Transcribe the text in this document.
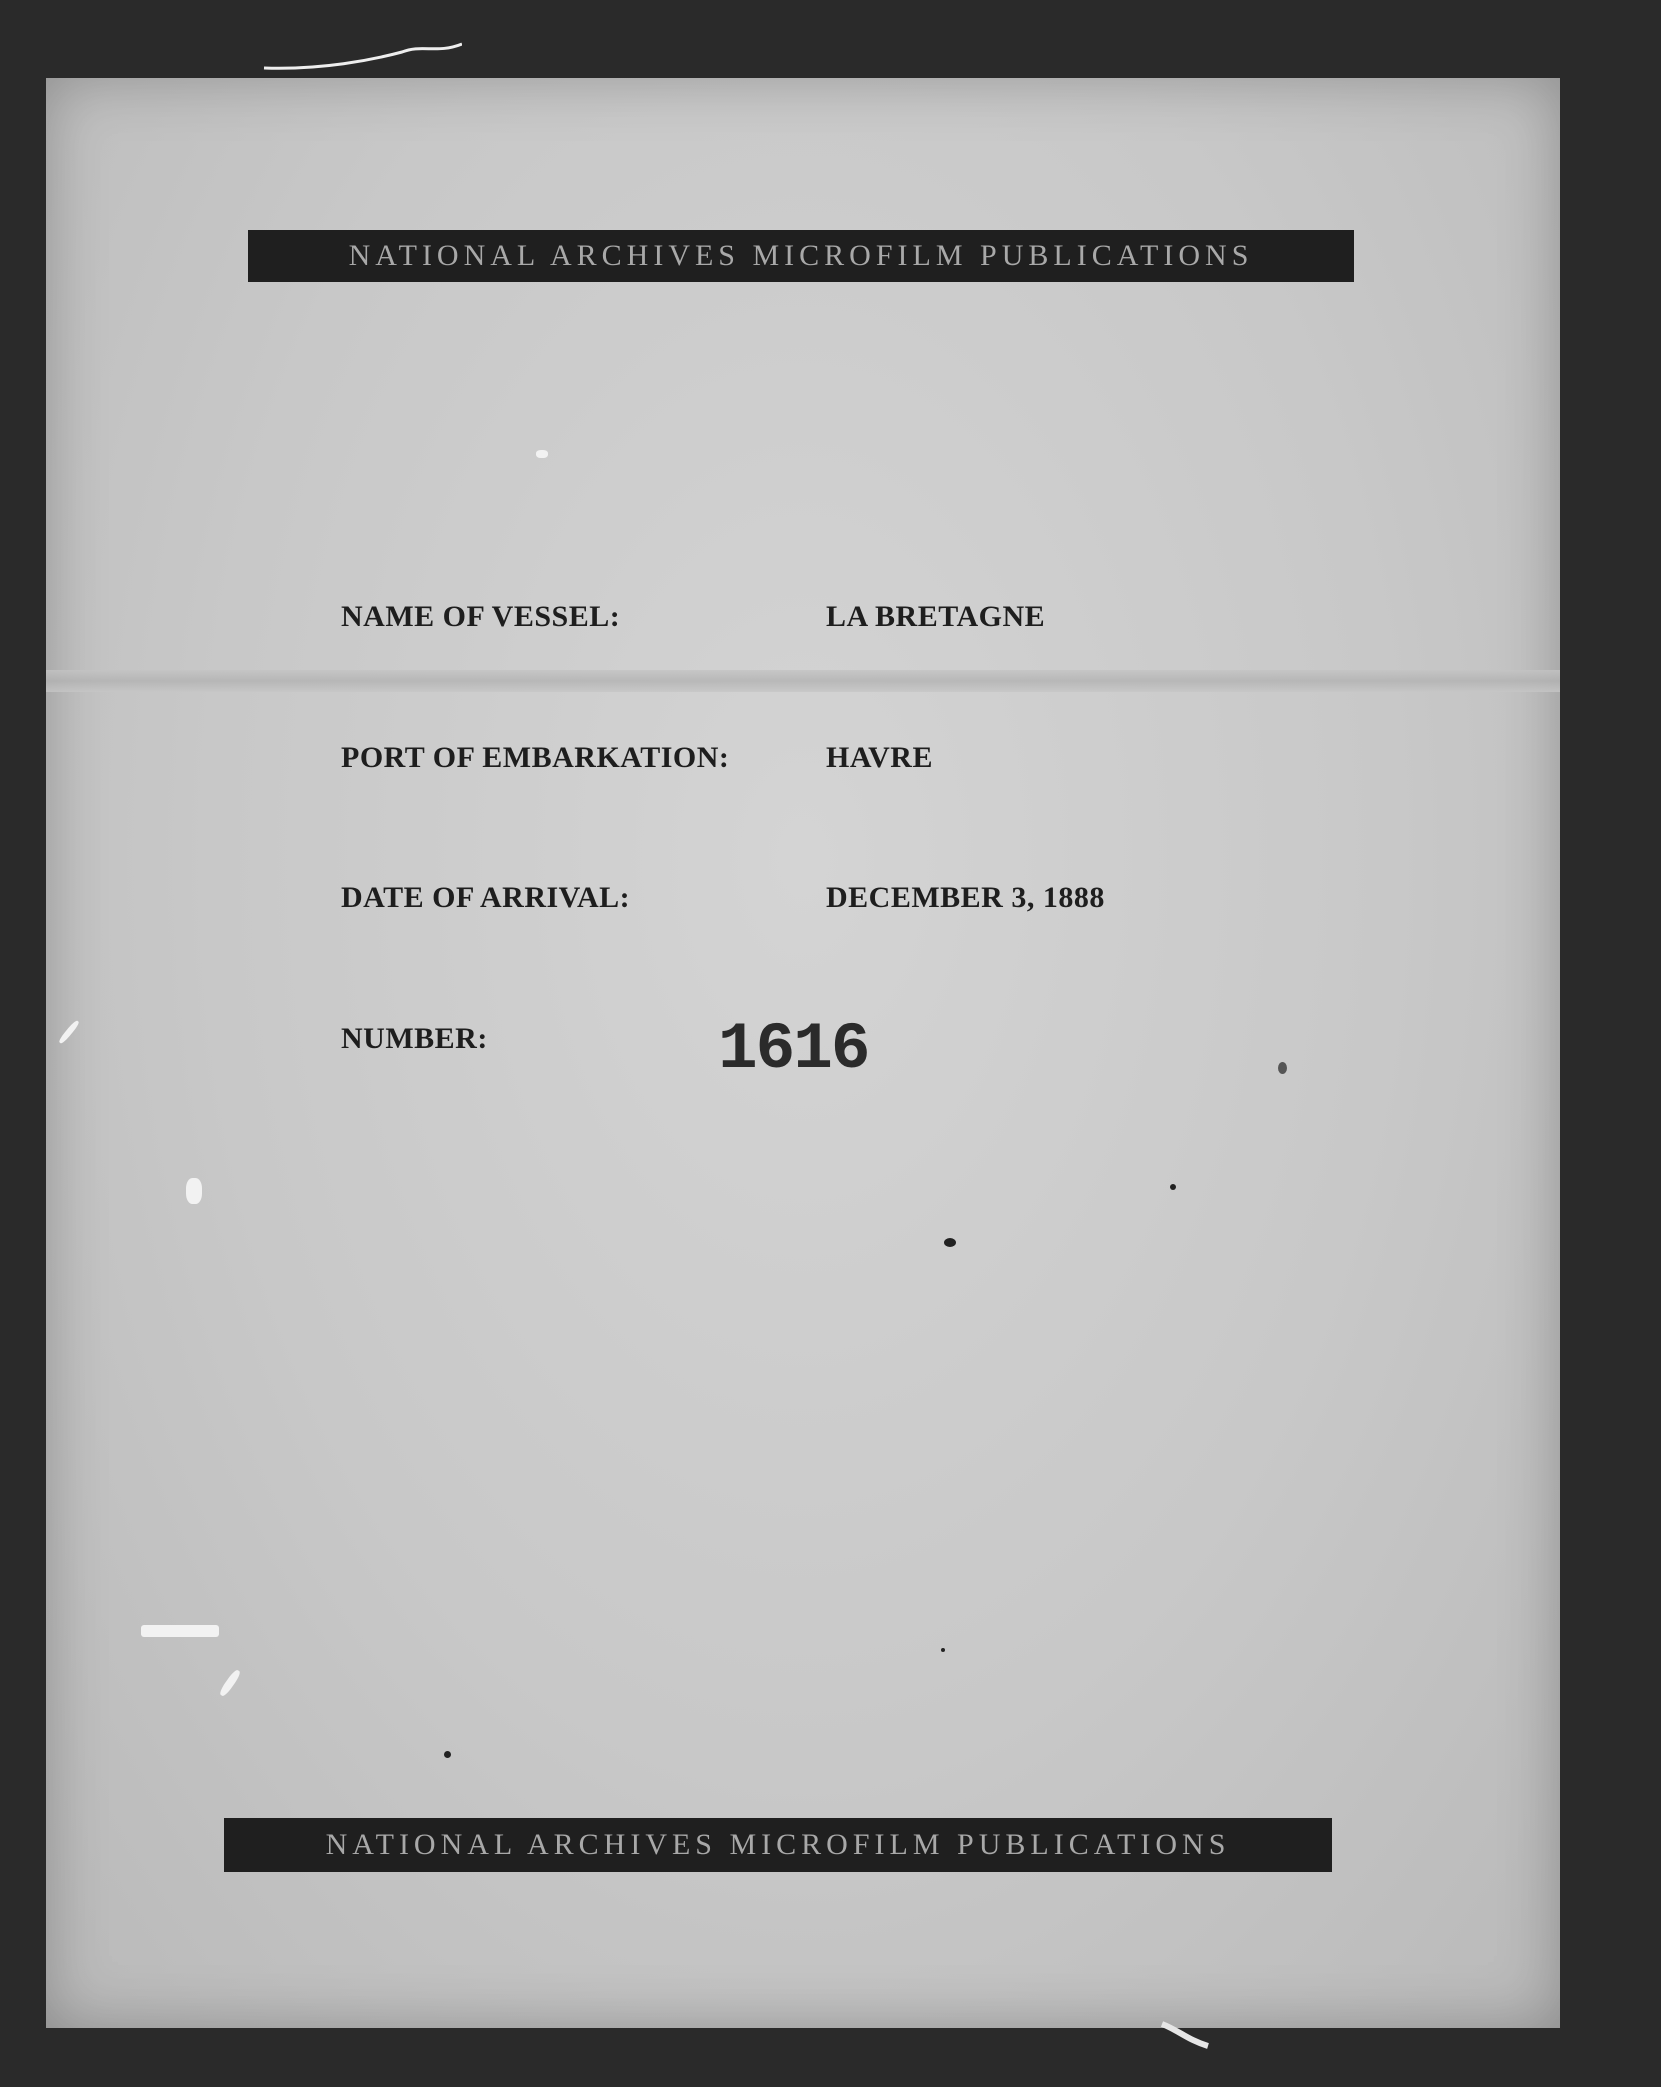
NATIONAL ARCHIVES MICROFILM PUBLICATIONS
NAME OF VESSEL:	LA BRETAGNE
PORT OF EMBARKATION:	HAVRE
DATE OF ARRIVAL:	DECEMBER 3, 1888
NUMBER:	1616
NATIONAL ARCHIVES MICROFILM PUBLICATIONS
